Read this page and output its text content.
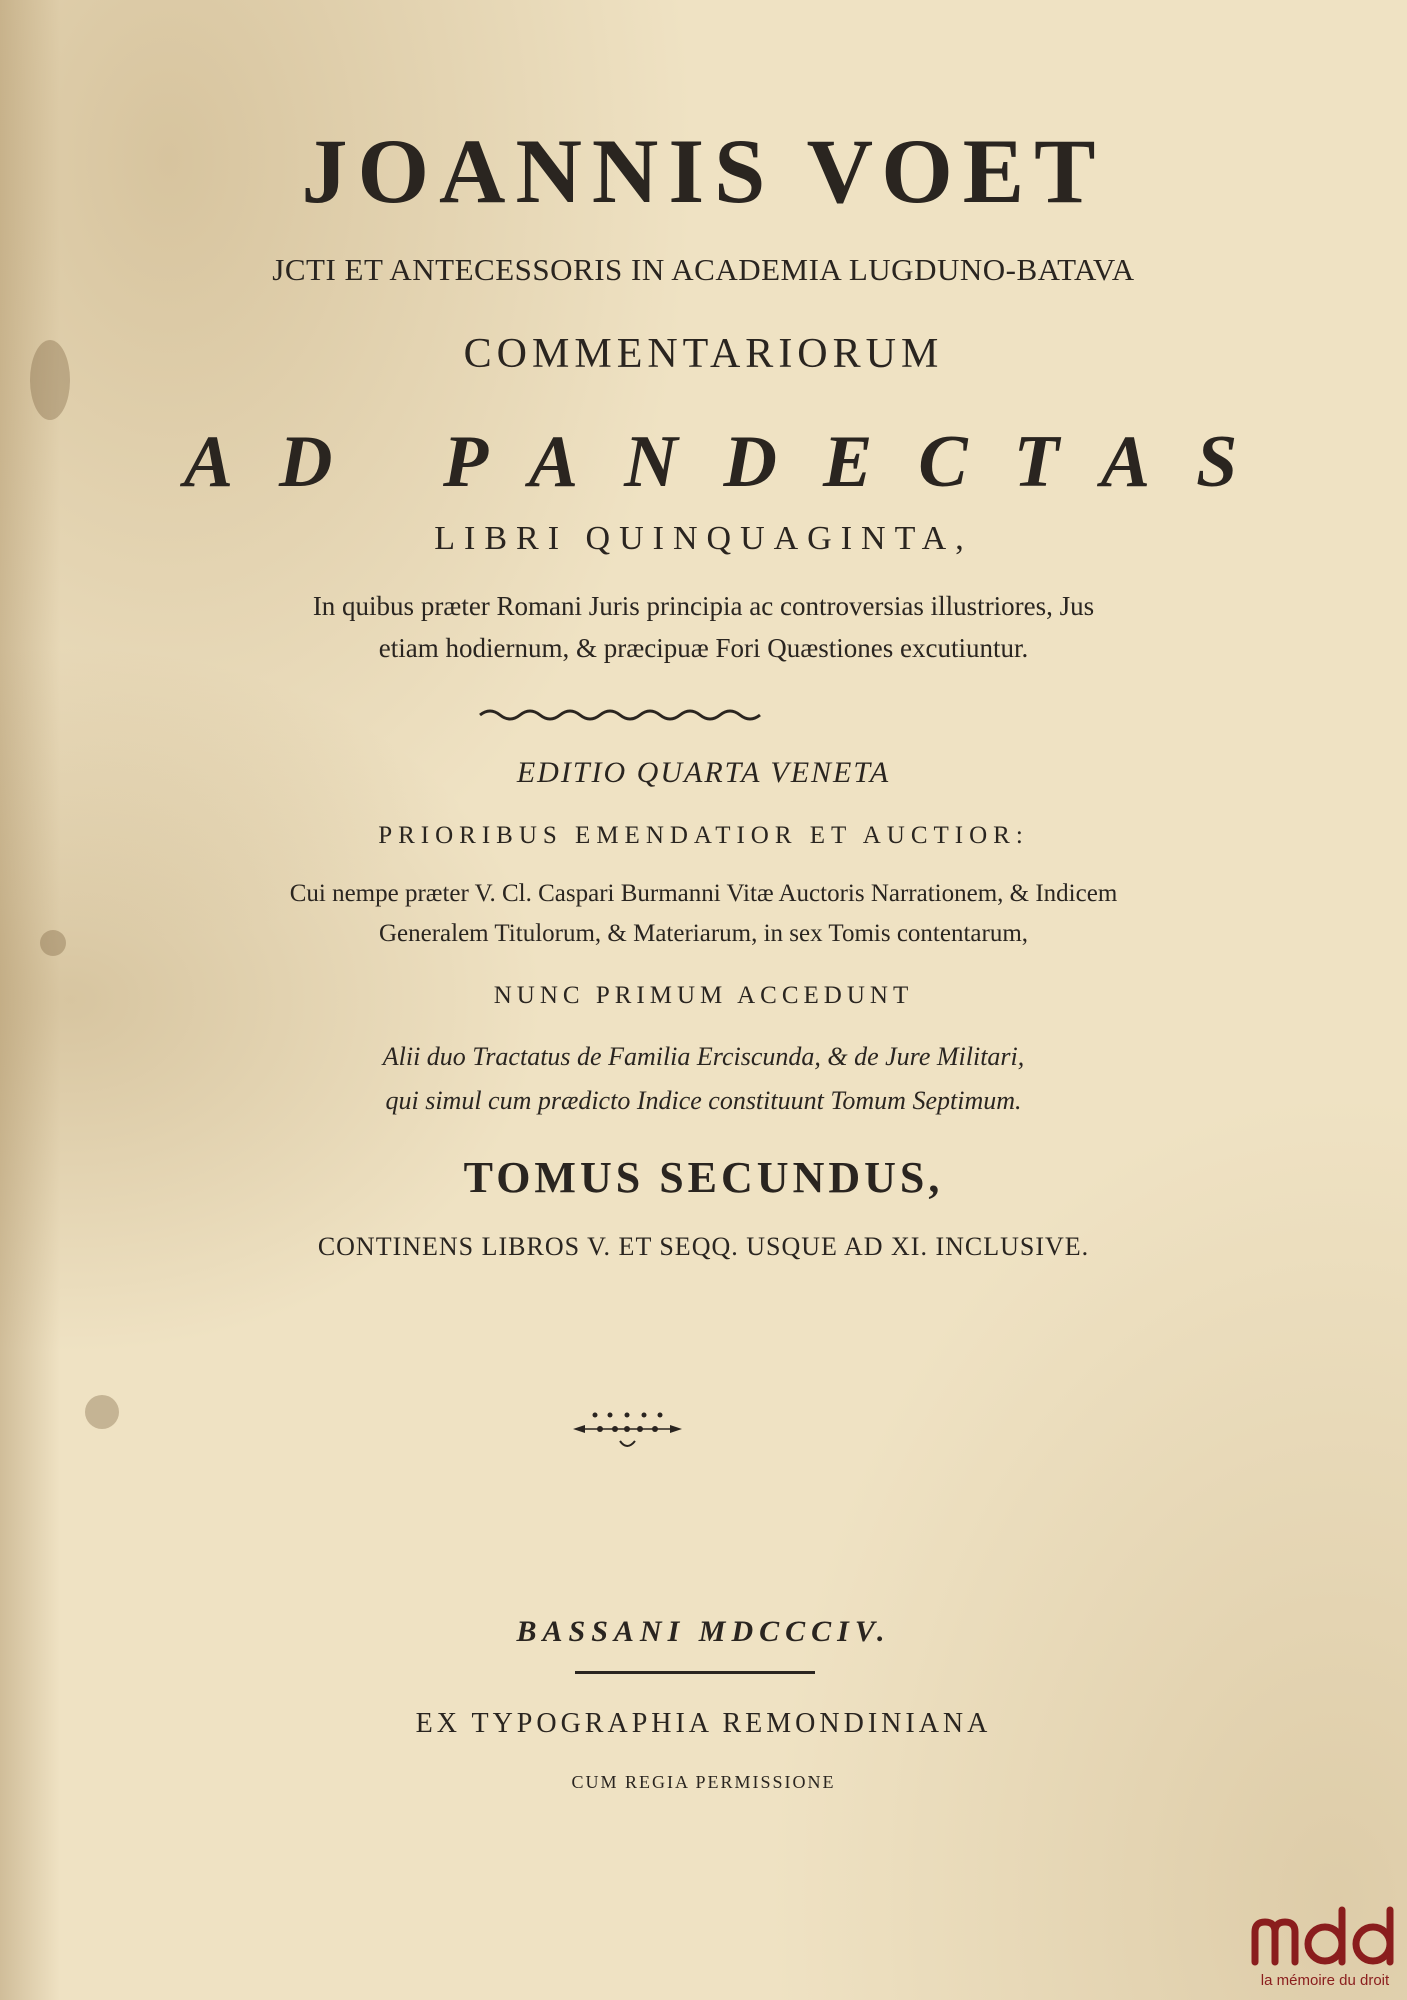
JOANNIS VOET
JCTI ET ANTECESSORIS IN ACADEMIA LUGDUNO-BATAVA
COMMENTARIORUM
AD PANDECTAS
LIBRI QUINQUAGINTA,
In quibus præter Romani Juris principia ac controversias illustriores, Jus
etiam hodiernum, & præcipuæ Fori Quæstiones excutiuntur.
EDITIO QUARTA VENETA
PRIORIBUS EMENDATIOR ET AUCTIOR:
Cui nempe præter V. Cl. Caspari Burmanni Vitæ Auctoris Narrationem, & Indicem
Generalem Titulorum, & Materiarum, in sex Tomis contentarum,
NUNC PRIMUM ACCEDUNT
Alii duo Tractatus de Familia Erciscunda, & de Jure Militari,
qui simul cum prædicto Indice constituunt Tomum Septimum.
TOMUS SECUNDUS,
CONTINENS LIBROS V. ET SEQQ. USQUE AD XI. INCLUSIVE.
BASSANI MDCCCIV.
EX TYPOGRAPHIA REMONDINIANA
CUM REGIA PERMISSIONE
la mémoire du droit
